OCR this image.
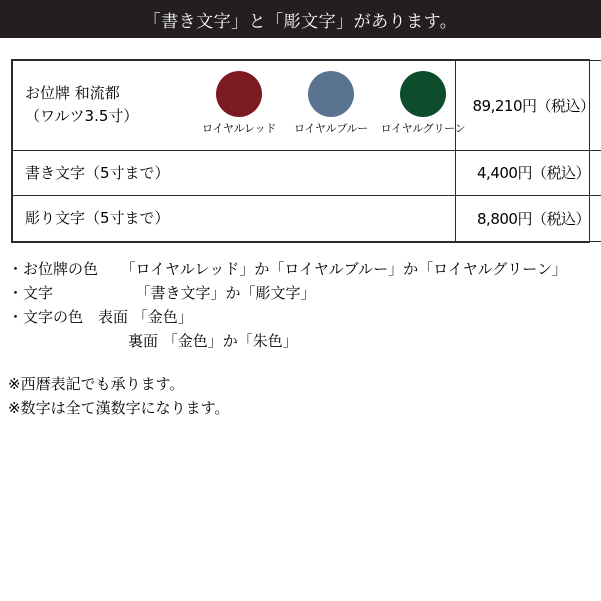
「書き文字」と「彫文字」があります。
お位牌 和流都
（ワルツ3.5寸）
ロイヤルレッド ロイヤルブルー ロイヤルグリーン	89,210円（税込）
書き文字（5寸まで）	4,400円（税込）
彫り文字（5寸まで）	8,800円（税込）
・お位牌の色　　「ロイヤルレッド」か「ロイヤルブルー」か「ロイヤルグリーン」
・文字　　　　　　「書き文字」か「彫文字」
・文字の色　表面 「金色」
　　　　　　　　裏面 「金色」か「朱色」
※西暦表記でも承ります。
※数字は全て漢数字になります。
